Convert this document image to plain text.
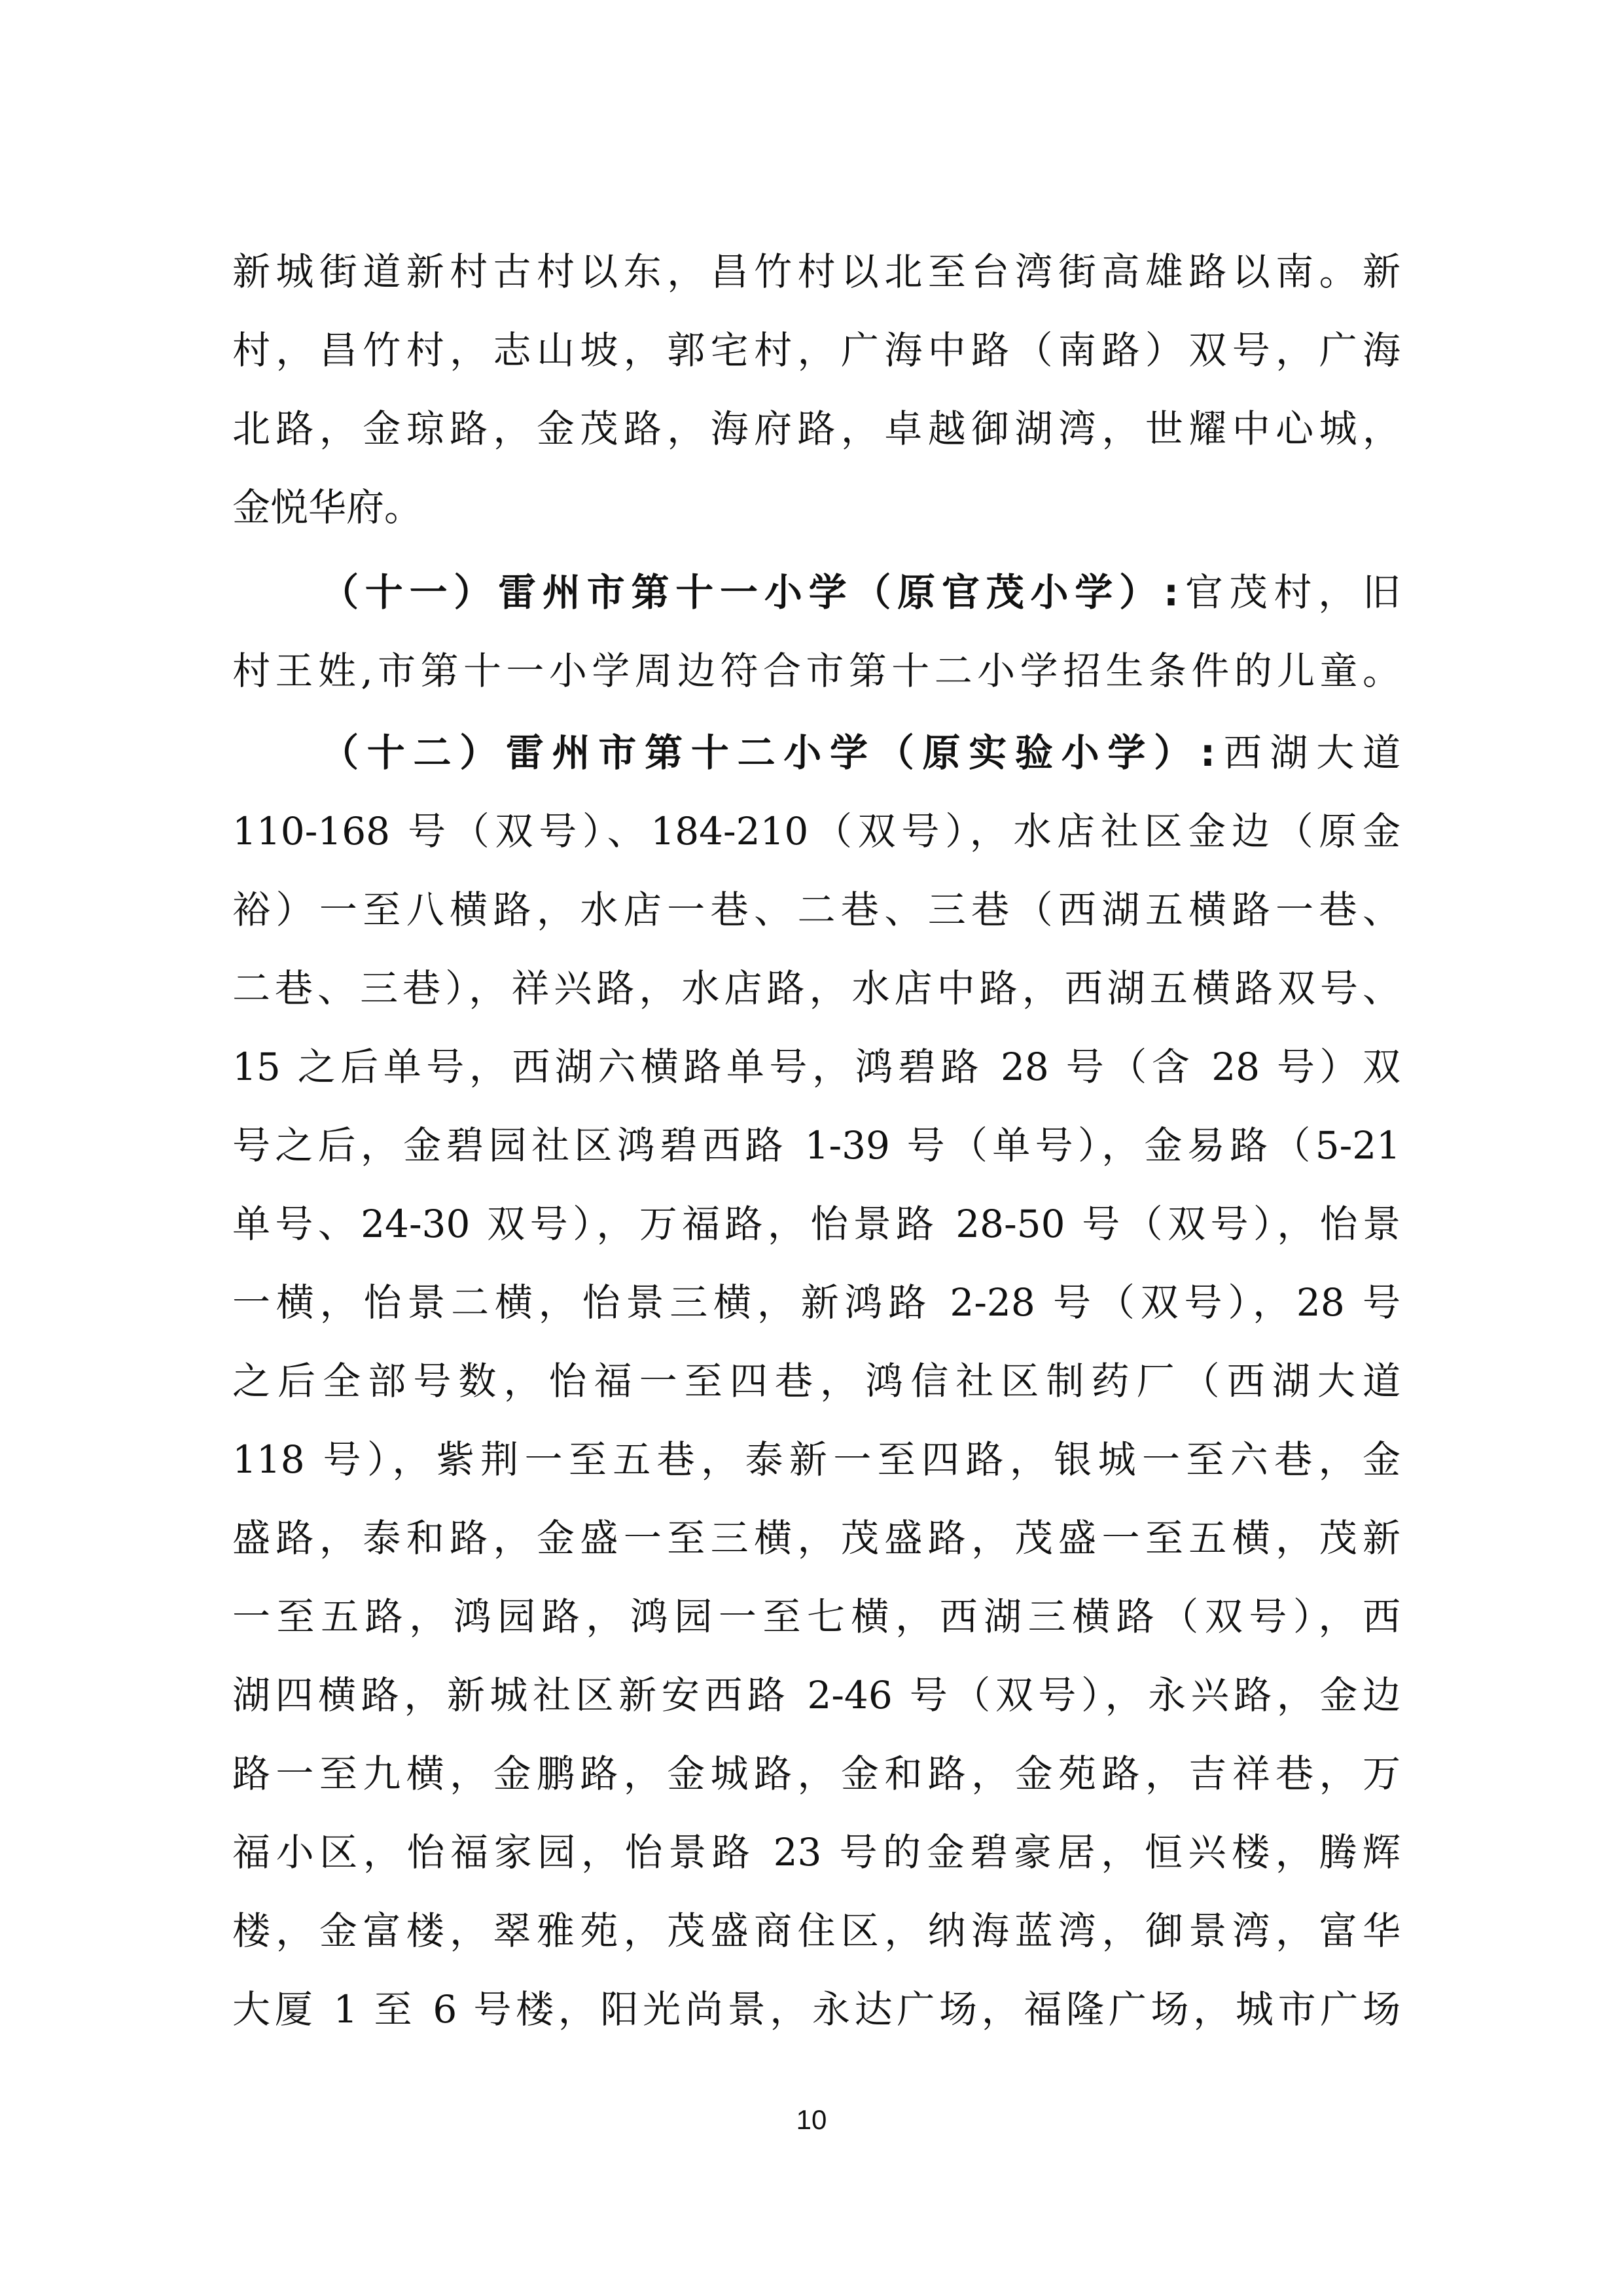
新城街道新村古村以东，昌竹村以北至台湾街高雄路以南。新
村，昌竹村，志山坡，郭宅村，广海中路（南路）双号，广海
北路，金琼路，金茂路，海府路，卓越御湖湾，世耀中心城，
金悦华府。
（十一）雷州市第十一小学（原官茂小学）:官茂村，旧
村王姓,市第十一小学周边符合市第十二小学招生条件的儿童。
（十二）雷州市第十二小学（原实验小学）:西湖大道
110-168 号（双号）、184-210（双号），水店社区金边（原金
裕）一至八横路，水店一巷、二巷、三巷（西湖五横路一巷、
二巷、三巷），祥兴路，水店路，水店中路，西湖五横路双号、
15 之后单号，西湖六横路单号，鸿碧路 28 号（含 28 号）双
号之后，金碧园社区鸿碧西路 1-39 号（单号），金易路（5-21
单号、24-30 双号），万福路，怡景路 28-50 号（双号），怡景
一横，怡景二横，怡景三横，新鸿路 2-28 号（双号），28 号
之后全部号数，怡福一至四巷，鸿信社区制药厂（西湖大道
118 号），紫荆一至五巷，泰新一至四路，银城一至六巷，金
盛路，泰和路，金盛一至三横，茂盛路，茂盛一至五横，茂新
一至五路，鸿园路，鸿园一至七横，西湖三横路（双号），西
湖四横路，新城社区新安西路 2-46 号（双号），永兴路，金边
路一至九横，金鹏路，金城路，金和路，金苑路，吉祥巷，万
福小区，怡福家园，怡景路 23 号的金碧豪居，恒兴楼，腾辉
楼，金富楼，翠雅苑，茂盛商住区，纳海蓝湾，御景湾，富华
大厦 1 至 6 号楼，阳光尚景，永达广场，福隆广场，城市广场
10
